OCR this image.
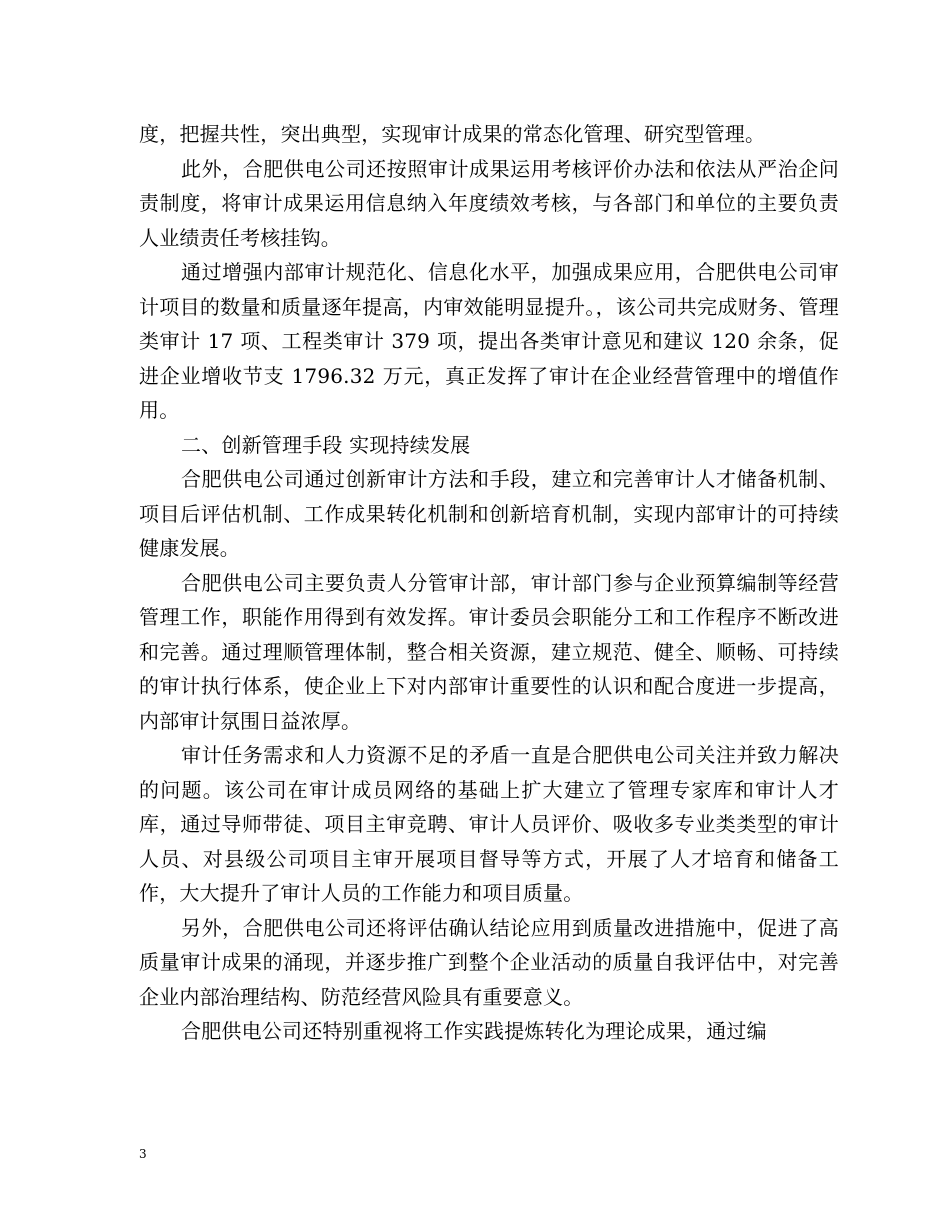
度，把握共性，突出典型，实现审计成果的常态化管理、研究型管理。

此外，合肥供电公司还按照审计成果运用考核评价办法和依法从严治企问责制度，将审计成果运用信息纳入年度绩效考核，与各部门和单位的主要负责人业绩责任考核挂钩。

通过增强内部审计规范化、信息化水平，加强成果应用，合肥供电公司审计项目的数量和质量逐年提高，内审效能明显提升。，该公司共完成财务、管理类审计 17 项、工程类审计 379 项，提出各类审计意见和建议 120 余条，促进企业增收节支 1796.32 万元，真正发挥了审计在企业经营管理中的增值作用。

二、创新管理手段 实现持续发展

合肥供电公司通过创新审计方法和手段，建立和完善审计人才储备机制、项目后评估机制、工作成果转化机制和创新培育机制，实现内部审计的可持续健康发展。

合肥供电公司主要负责人分管审计部，审计部门参与企业预算编制等经营管理工作，职能作用得到有效发挥。审计委员会职能分工和工作程序不断改进和完善。通过理顺管理体制，整合相关资源，建立规范、健全、顺畅、可持续的审计执行体系，使企业上下对内部审计重要性的认识和配合度进一步提高，内部审计氛围日益浓厚。

审计任务需求和人力资源不足的矛盾一直是合肥供电公司关注并致力解决的问题。该公司在审计成员网络的基础上扩大建立了管理专家库和审计人才库，通过导师带徒、项目主审竞聘、审计人员评价、吸收多专业类类型的审计人员、对县级公司项目主审开展项目督导等方式，开展了人才培育和储备工作，大大提升了审计人员的工作能力和项目质量。

另外，合肥供电公司还将评估确认结论应用到质量改进措施中，促进了高质量审计成果的涌现，并逐步推广到整个企业活动的质量自我评估中，对完善企业内部治理结构、防范经营风险具有重要意义。

合肥供电公司还特别重视将工作实践提炼转化为理论成果，通过编

3
